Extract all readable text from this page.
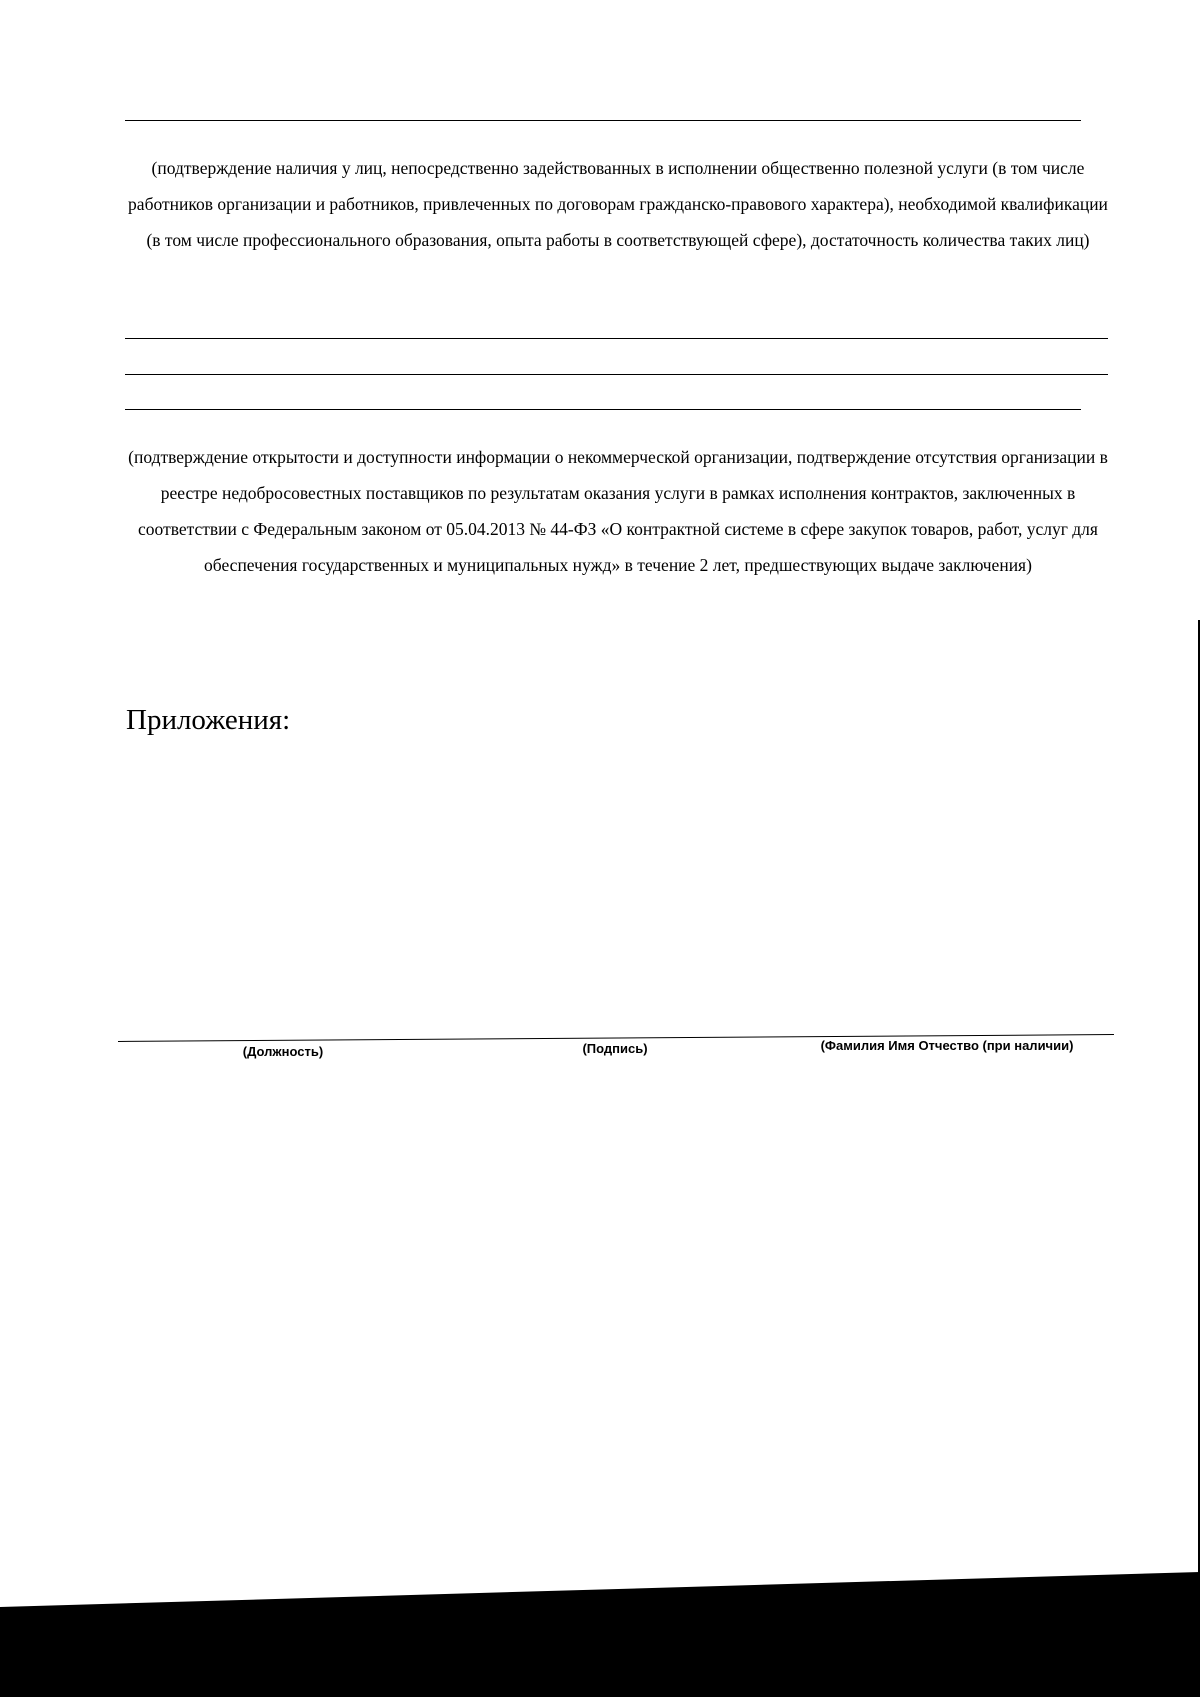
(подтверждение наличия у лиц, непосредственно задействованных в исполнении общественно полезной услуги (в том числе работников организации и работников, привлеченных по договорам гражданско-правового характера), необходимой квалификации (в том числе профессионального образования, опыта работы в соответствующей сфере), достаточность количества таких лиц)

(подтверждение открытости и доступности информации о некоммерческой организации, подтверждение отсутствия организации в реестре недобросовестных поставщиков по результатам оказания услуги в рамках исполнения контрактов, заключенных в соответствии с Федеральным законом от 05.04.2013 № 44-ФЗ «О контрактной системе в сфере закупок товаров, работ, услуг для обеспечения государственных и муниципальных нужд» в течение 2 лет, предшествующих выдаче заключения)

Приложения:
(Должность)	(Подпись)	(Фамилия Имя Отчество (при наличии)
